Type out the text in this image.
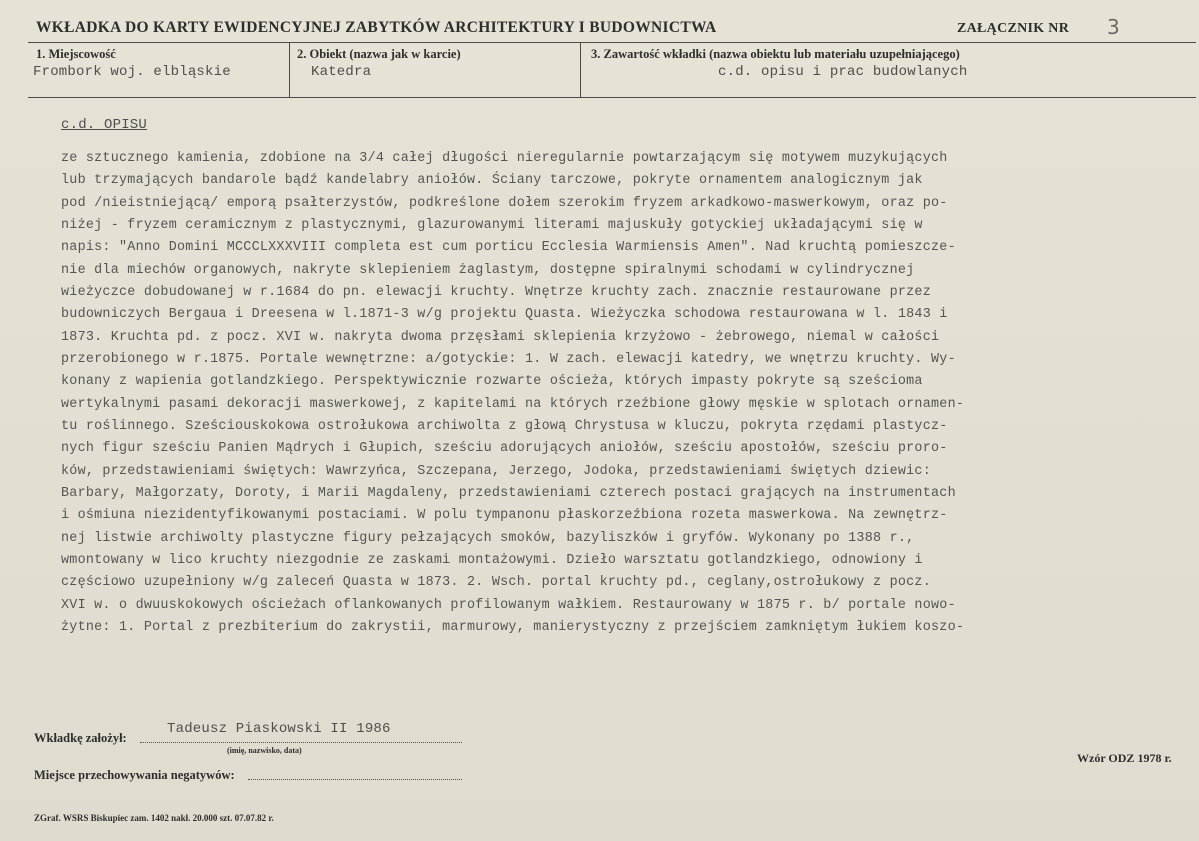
WKŁADKA DO KARTY EWIDENCYJNEJ ZABYTKÓW ARCHITEKTURY I BUDOWNICTWA	ZAŁĄCZNIK NR 3
1. Miejscowość
Frombork woj. elbląskie
2. Obiekt (nazwa jak w karcie)
Katedra
3. Zawartość wkładki (nazwa obiektu lub materiału uzupełniającego)
c.d. opisu i prac budowlanych
c.d. OPISU
ze sztucznego kamienia, zdobione na 3/4 całej długości nieregularnie powtarzającym się motywem muzykujących
lub trzymających bandarole bądź kandelabry aniołów. Ściany tarczowe, pokryte ornamentem analogicznym jak
pod /nieistniejącą/ emporą psałterzystów, podkreślone dołem szerokim fryzem arkadkowo-maswerkowym, oraz po-
niżej - fryzem ceramicznym z plastycznymi, glazurowanymi literami majuskuły gotyckiej układającymi się w
napis: "Anno Domini MCCCLXXXVIII completa est cum porticu Ecclesia Warmiensis Amen". Nad kruchtą pomieszcze-
nie dla miechów organowych, nakryte sklepieniem żaglastym, dostępne spiralnymi schodami w cylindrycznej
wieżyczce dobudowanej w r.1684 do pn. elewacji kruchty. Wnętrze kruchty zach. znacznie restaurowane przez
budowniczych Bergaua i Dreesena w l.1871-3 w/g projektu Quasta. Wieżyczka schodowa restaurowana w l. 1843 i
1873. Kruchta pd. z pocz. XVI w. nakryta dwoma przęsłami sklepienia krzyżowo - żebrowego, niemal w całości
przerobionego w r.1875. Portale wewnętrzne: a/gotyckie: 1. W zach. elewacji katedry, we wnętrzu kruchty. Wy-
konany z wapienia gotlandzkiego. Perspektywicznie rozwarte ościeża, których impasty pokryte są sześcioma
wertykalnymi pasami dekoracji maswerkowej, z kapitelami na których rzeźbione głowy męskie w splotach ornamen-
tu roślinnego. Sześciouskokowa ostrołukowa archiwolta z głową Chrystusa w kluczu, pokryta rzędami plastycz-
nych figur sześciu Panien Mądrych i Głupich, sześciu adorujących aniołów, sześciu apostołów, sześciu proro-
ków, przedstawieniami świętych: Wawrzyńca, Szczepana, Jerzego, Jodoka, przedstawieniami świętych dziewic:
Barbary, Małgorzaty, Doroty, i Marii Magdaleny, przedstawieniami czterech postaci grających na instrumentach
i ośmiuna niezidentyfikowanymi postaciami. W polu tympanonu płaskorzeźbiona rozeta maswerkowa. Na zewnętrz-
nej listwie archiwolty plastyczne figury pełzających smoków, bazyliszków i gryfów. Wykonany po 1388 r.,
wmontowany w lico kruchty niezgodnie ze zaskami montażowymi. Dzieło warsztatu gotlandzkiego, odnowiony i
częściowo uzupełniony w/g zaleceń Quasta w 1873. 2. Wsch. portal kruchty pd., ceglany,ostrołukowy z pocz.
XVI w. o dwuuskokowych ościeżach oflankowanych profilowanym wałkiem. Restaurowany w 1875 r. b/ portale nowo-
żytne: 1. Portal z prezbiterium do zakrystii, marmurowy, manierystyczny z przejściem zamkniętym łukiem koszo-
Wkładkę założył:
Tadeusz Piaskowski II 1986
(imię, nazwisko, data)
Wzór ODZ 1978 r.
Miejsce przechowywania negatywów:
ZGraf. WSRS Biskupiec zam. 1402 nakł. 20.000 szt. 07.07.82 r.
